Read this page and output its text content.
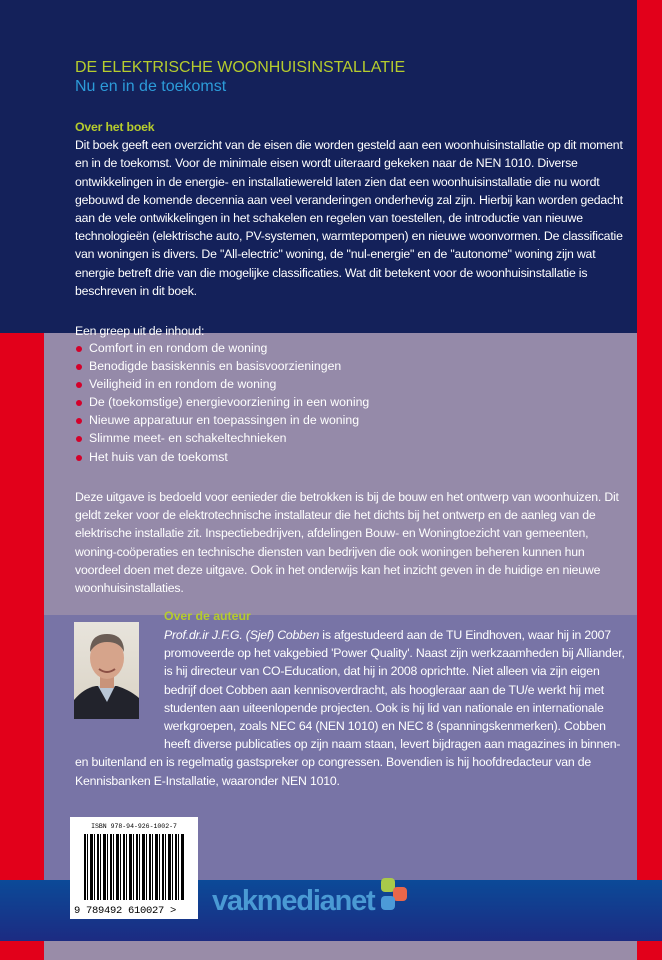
DE ELEKTRISCHE WOONHUISINSTALLATIE
Nu en in de toekomst
Over het boek
Dit boek geeft een overzicht van de eisen die worden gesteld aan een woonhuisinstallatie op dit moment en in de toekomst. Voor de minimale eisen wordt uiteraard gekeken naar de NEN 1010. Diverse ontwikkelingen in de energie- en installatiewereld laten zien dat een woonhuisinstallatie die nu wordt gebouwd de komende decennia aan veel veranderingen onderhevig zal zijn. Hierbij kan worden gedacht aan de vele ontwikkelingen in het schakelen en regelen van toestellen, de introductie van nieuwe technologieën (elektrische auto, PV-systemen, warmtepompen) en nieuwe woonvormen. De classificatie van woningen is divers. De "All-electric" woning, de "nul-energie" en de "autonome" woning zijn wat energie betreft drie van die mogelijke classificaties. Wat dit betekent voor de woonhuisinstallatie is beschreven in dit boek.
Een greep uit de inhoud:
Comfort in en rondom de woning
Benodigde basiskennis en basisvoorzieningen
Veiligheid in en rondom de woning
De (toekomstige) energievoorziening in een woning
Nieuwe apparatuur en toepassingen in de woning
Slimme meet- en schakeltechnieken
Het huis van de toekomst
Deze uitgave is bedoeld voor eenieder die betrokken is bij de bouw en het ontwerp van woonhuizen. Dit geldt zeker voor de elektrotechnische installateur die het dichts bij het ontwerp en de aanleg van de elektrische installatie zit. Inspectiebedrijven, afdelingen Bouw- en Woningtoezicht van gemeenten, woning-coöperaties en technische diensten van bedrijven die ook woningen beheren kunnen hun voordeel doen met deze uitgave. Ook in het onderwijs kan het inzicht geven in de huidige en nieuwe woonhuisinstallaties.
Over de auteur
Prof.dr.ir J.F.G. (Sjef) Cobben is afgestudeerd aan de TU Eindhoven, waar hij in 2007 promoveerde op het vakgebied 'Power Quality'. Naast zijn werkzaamheden bij Alliander, is hij directeur van CO-Education, dat hij in 2008 oprichtte. Niet alleen via zijn eigen bedrijf doet Cobben aan kennisoverdracht, als hoogleraar aan de TU/e werkt hij met studenten aan uiteenlopende projecten. Ook is hij lid van nationale en internationale werkgroepen, zoals NEC 64 (NEN 1010) en NEC 8 (spanningskenmerken). Cobben heeft diverse publicaties op zijn naam staan, levert bijdragen aan magazines in binnen- en buitenland en is regelmatig gastspreker op congressen. Bovendien is hij hoofdredacteur van de Kennisbanken E-Installatie, waaronder NEN 1010.
ISBN 978-94-926-1002-7
9 789492 610027 > vakmedianet
